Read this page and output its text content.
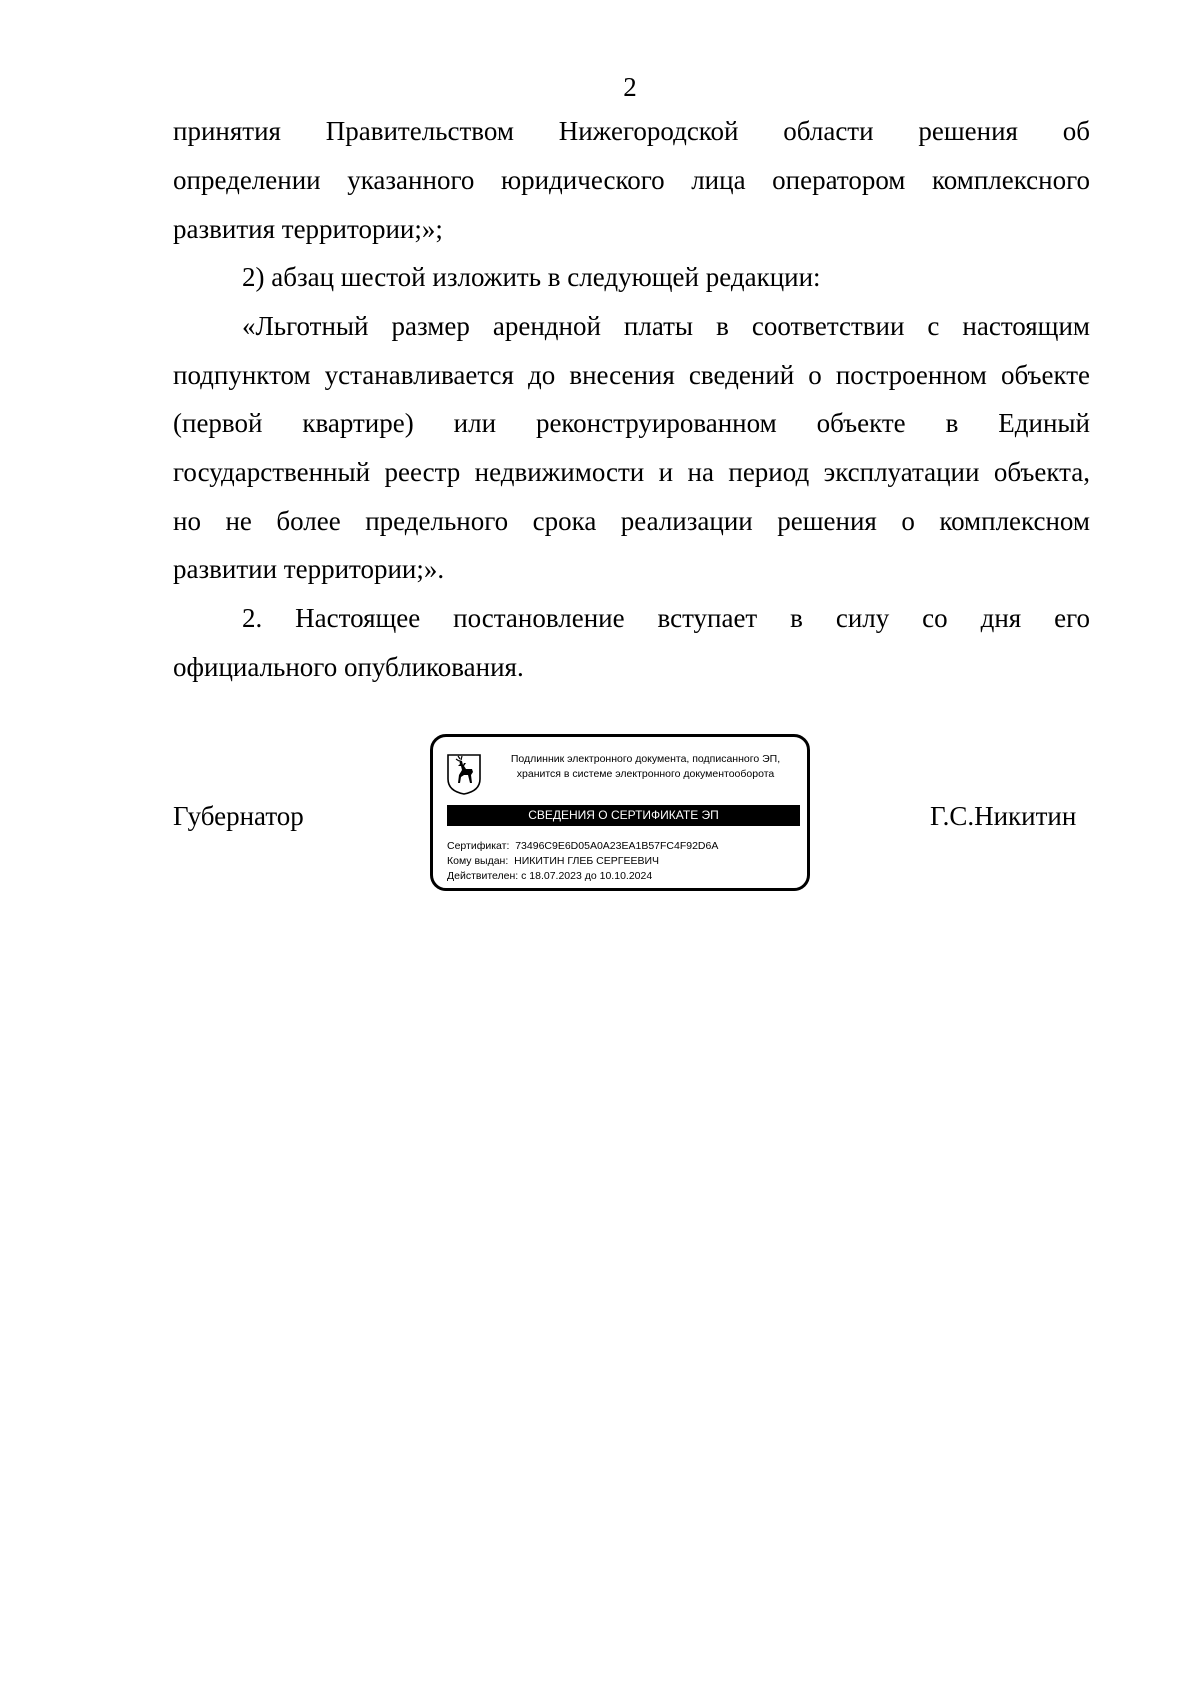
2
принятия Правительством Нижегородской области решения об
определении указанного юридического лица оператором комплексного
развития территории;»;
2) абзац шестой изложить в следующей редакции:
«Льготный размер арендной платы в соответствии с настоящим
подпунктом устанавливается до внесения сведений о построенном объекте
(первой квартире) или реконструированном объекте в Единый
государственный реестр недвижимости и на период эксплуатации объекта,
но не более предельного срока реализации решения о комплексном
развитии территории;».
2. Настоящее постановление вступает в силу со дня его
официального опубликования.
Губернатор	Г.С.Никитин
Подлинник электронного документа, подписанного ЭП,
хранится в системе электронного документооборота
СВЕДЕНИЯ О СЕРТИФИКАТЕ ЭП
Сертификат: 73496C9E6D05A0A23EA1B57FC4F92D6A
Кому выдан: НИКИТИН ГЛЕБ СЕРГЕЕВИЧ
Действителен: с 18.07.2023 до 10.10.2024
